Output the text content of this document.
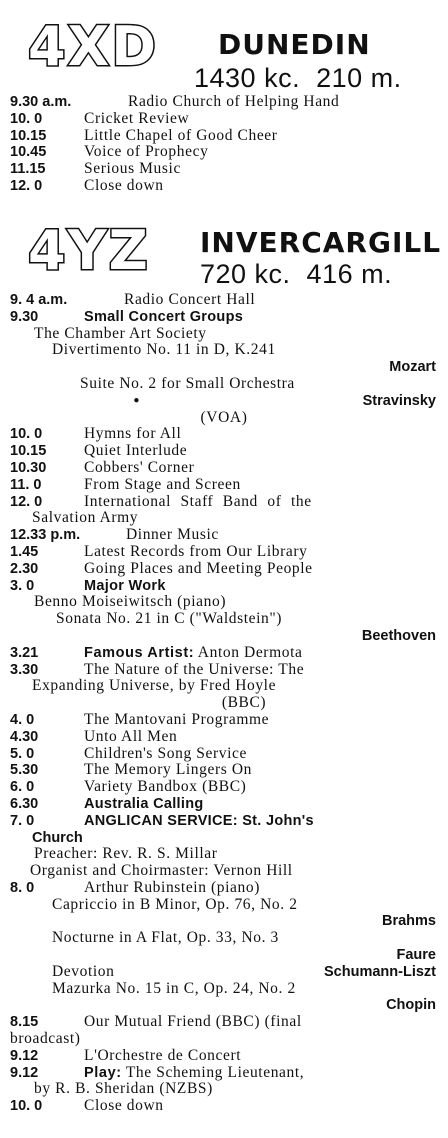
4XD DUNEDIN
1430 kc.  210 m.
9.30 a.m.	Radio Church of Helping Hand
10. 0	Cricket Review
10.15 Little Chapel of Good Cheer
10.45 Voice of Prophecy
11.15 Serious Music
12. 0	Close down
4YZ INVERCARGILL
720 kc.  416 m.
9. 4 a.m.	Radio Concert Hall
9.30	Small Concert Groups
The Chamber Art Society
Divertimento No. 11 in D, K.241
Mozart
Suite No. 2 for Small Orchestra
•	Stravinsky
(VOA)
10. 0	Hymns for All
10.15 Quiet Interlude
10.30 Cobbers' Corner
11. 0	From Stage and Screen
12. 0	International Staff Band of the
Salvation Army
12.33 p.m.	Dinner Music
1.45	Latest Records from Our Library
2.30	Going Places and Meeting People
3. 0	Major Work
Benno Moiseiwitsch (piano)
Sonata No. 21 in C ("Waldstein")
Beethoven
3.21	Famous Artist: Anton Dermota
3.30	The Nature of the Universe: The
Expanding Universe, by Fred Hoyle
(BBC)
4. 0	The Mantovani Programme
4.30	Unto All Men
5. 0	Children's Song Service
5.30	The Memory Lingers On
6. 0	Variety Bandbox (BBC)
6.30	Australia Calling
7. 0	ANGLICAN SERVICE: St. John's
Church
Preacher: Rev. R. S. Millar
Organist and Choirmaster: Vernon Hill
8. 0	Arthur Rubinstein (piano)
Capriccio in B Minor, Op. 76, No. 2
Brahms
Nocturne in A Flat, Op. 33, No. 3
Faure
Devotion	Schumann-Liszt
Mazurka No. 15 in C, Op. 24, No. 2
Chopin
8.15	Our Mutual Friend (BBC) (final
broadcast)
9.12	L'Orchestre de Concert
9.12	Play: The Scheming Lieutenant,
by R. B. Sheridan (NZBS)
10. 0	Close down
